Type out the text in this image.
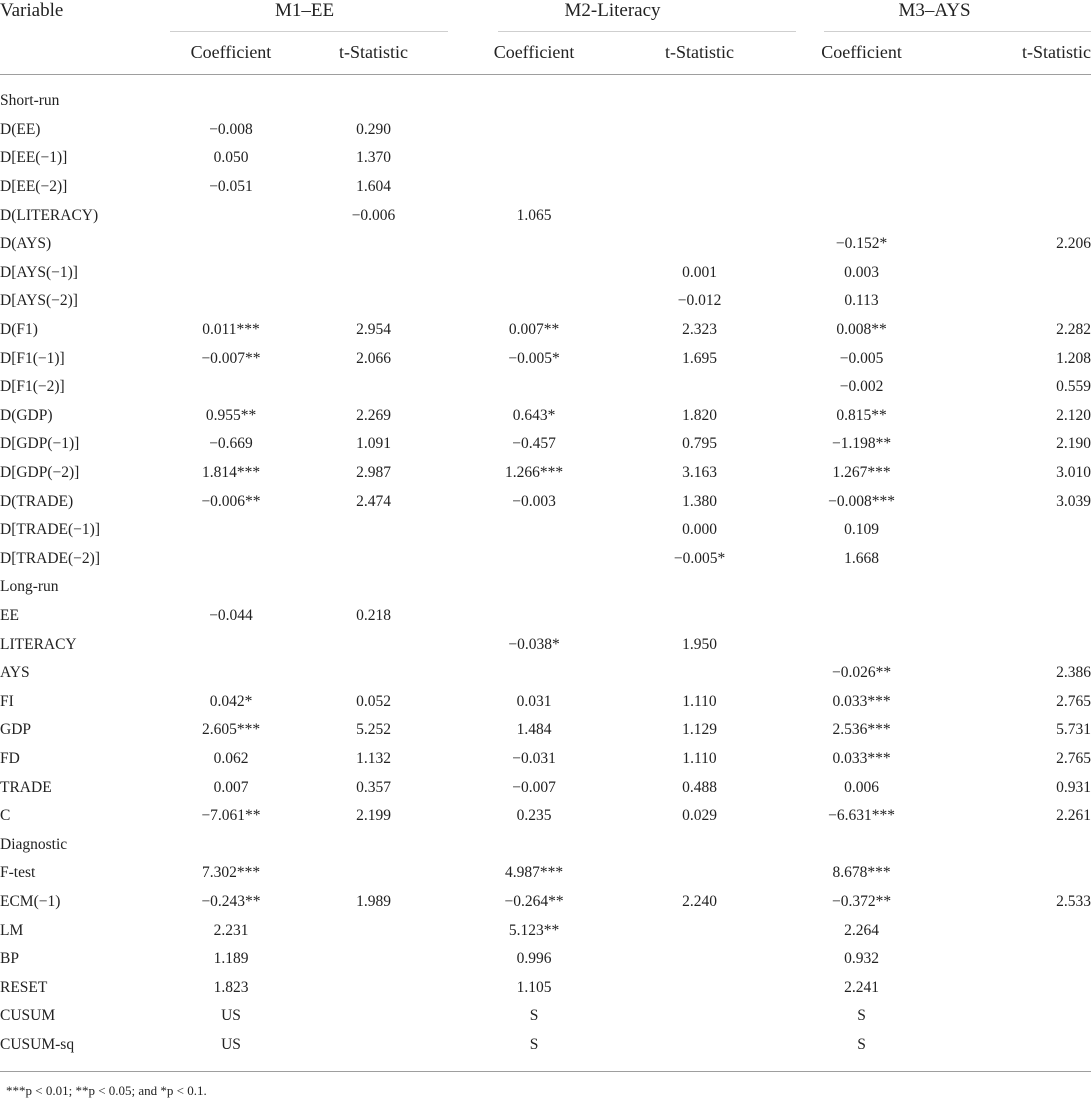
Variable	M1–EE		M2-Literacy		M3–AYS	
	Coefficient	t-Statistic	Coefficient	t-Statistic	Coefficient	t-Statistic

Short-run						
D(EE)	−0.008	0.290				
D[EE(−1)]	0.050	1.370				
D[EE(−2)]	−0.051	1.604				
D(LITERACY)		−0.006	1.065			
D(AYS)					−0.152*	2.206
D[AYS(−1)]				0.001	0.003	
D[AYS(−2)]				−0.012	0.113	
D(F1)	0.011***	2.954	0.007**	2.323	0.008**	2.282
D[F1(−1)]	−0.007**	2.066	−0.005*	1.695	−0.005	1.208
D[F1(−2)]					−0.002	0.559
D(GDP)	0.955**	2.269	0.643*	1.820	0.815**	2.120
D[GDP(−1)]	−0.669	1.091	−0.457	0.795	−1.198**	2.190
D[GDP(−2)]	1.814***	2.987	1.266***	3.163	1.267***	3.010
D(TRADE)	−0.006**	2.474	−0.003	1.380	−0.008***	3.039
D[TRADE(−1)]				0.000	0.109	
D[TRADE(−2)]				−0.005*	1.668	
Long-run						
EE	−0.044	0.218				
LITERACY			−0.038*	1.950		
AYS					−0.026**	2.386
FI	0.042*	0.052	0.031	1.110	0.033***	2.765
GDP	2.605***	5.252	1.484	1.129	2.536***	5.731
FD	0.062	1.132	−0.031	1.110	0.033***	2.765
TRADE	0.007	0.357	−0.007	0.488	0.006	0.931
C	−7.061**	2.199	0.235	0.029	−6.631***	2.261
Diagnostic						
F-test	7.302***		4.987***		8.678***	
ECM(−1)	−0.243**	1.989	−0.264**	2.240	−0.372**	2.533
LM	2.231		5.123**		2.264	
BP	1.189		0.996		0.932	
RESET	1.823		1.105		2.241	
CUSUM	US		S		S	
CUSUM-sq	US		S		S	
***p < 0.01; **p < 0.05; and *p < 0.1.
